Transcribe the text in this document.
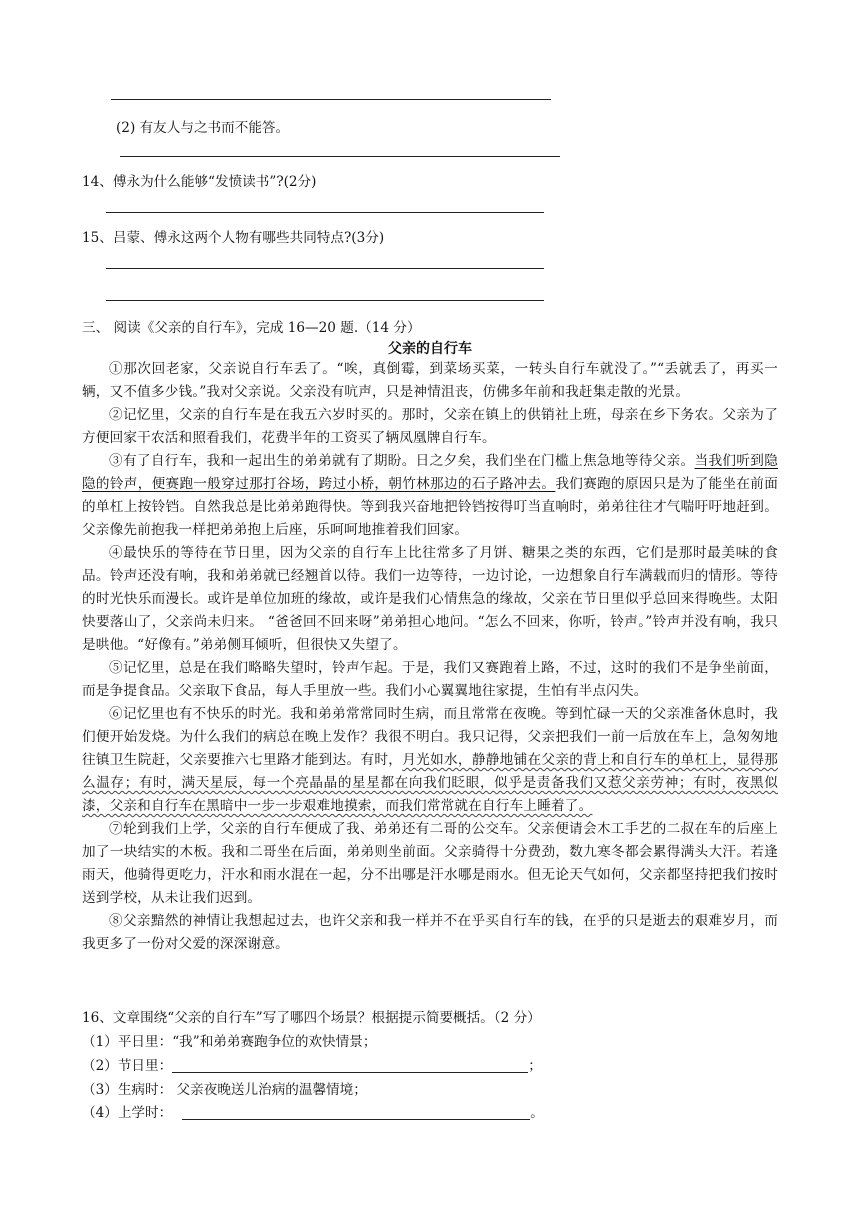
(2) 有友人与之书而不能答。
14、傅永为什么能够“发愤读书”?(2分)
15、吕蒙、傅永这两个人物有哪些共同特点?(3分)
三、 阅读《父亲的自行车》，完成 16—20 题.（14 分）
父亲的自行车

①那次回老家，父亲说自行车丢了。“唉，真倒霉，到菜场买菜，一转头自行车就没了。”“丢就丢了，再买一辆，又不值多少钱。”我对父亲说。父亲没有吭声，只是神情沮丧，仿佛多年前和我赶集走散的光景。

②记忆里，父亲的自行车是在我五六岁时买的。那时，父亲在镇上的供销社上班，母亲在乡下务农。父亲为了方便回家干农活和照看我们，花费半年的工资买了辆凤凰牌自行车。

③有了自行车，我和一起出生的弟弟就有了期盼。日之夕矣，我们坐在门槛上焦急地等待父亲。当我们听到隐隐的铃声，便赛跑一般穿过那打谷场，跨过小桥，朝竹林那边的石子路冲去。我们赛跑的原因只是为了能坐在前面的单杠上按铃铛。自然我总是比弟弟跑得快。等到我兴奋地把铃铛按得叮当直响时，弟弟往往才气喘吁吁地赶到。父亲像先前抱我一样把弟弟抱上后座，乐呵呵地推着我们回家。

④最快乐的等待在节日里，因为父亲的自行车上比往常多了月饼、糖果之类的东西，它们是那时最美味的食品。铃声还没有响，我和弟弟就已经翘首以待。我们一边等待，一边讨论，一边想象自行车满载而归的情形。等待的时光快乐而漫长。或许是单位加班的缘故，或许是我们心情焦急的缘故，父亲在节日里似乎总回来得晚些。太阳快要落山了，父亲尚未归来。 “爸爸回不回来呀”弟弟担心地问。“怎么不回来，你听，铃声。”铃声并没有响，我只是哄他。“好像有。”弟弟侧耳倾听，但很快又失望了。

⑤记忆里，总是在我们略略失望时，铃声乍起。于是，我们又赛跑着上路，不过，这时的我们不是争坐前面，而是争提食品。父亲取下食品，每人手里放一些。我们小心翼翼地往家提，生怕有半点闪失。

⑥记忆里也有不快乐的时光。我和弟弟常常同时生病，而且常常在夜晚。等到忙碌一天的父亲准备休息时，我们便开始发烧。为什么我们的病总在晚上发作？我很不明白。我只记得，父亲把我们一前一后放在车上，急匆匆地往镇卫生院赶，父亲要推六七里路才能到达。有时，月光如水，静静地铺在父亲的背上和自行车的单杠上，显得那么温存；有时，满天星辰，每一个亮晶晶的星星都在向我们眨眼，似乎是责备我们又惹父亲劳神；有时，夜黑似漆，父亲和自行车在黑暗中一步一步艰难地摸索，而我们常常就在自行车上睡着了。

⑦轮到我们上学，父亲的自行车便成了我、弟弟还有二哥的公交车。父亲便请会木工手艺的二叔在车的后座上加了一块结实的木板。我和二哥坐在后面，弟弟则坐前面。父亲骑得十分费劲，数九寒冬都会累得满头大汗。若逢雨天，他骑得更吃力，汗水和雨水混在一起，分不出哪是汗水哪是雨水。但无论天气如何，父亲都坚持把我们按时送到学校，从未让我们迟到。

⑧父亲黯然的神情让我想起过去，也许父亲和我一样并不在乎买自行车的钱，在乎的只是逝去的艰难岁月，而我更多了一份对父爱的深深谢意。

16、文章围绕“父亲的自行车”写了哪四个场景？根据提示简要概括。（2 分）
（1）平日里：“我”和弟弟赛跑争位的欢快情景；
（2）节日里：	；
（3）生病时： 父亲夜晚送儿治病的温馨情境；
（4）上学时：	。
